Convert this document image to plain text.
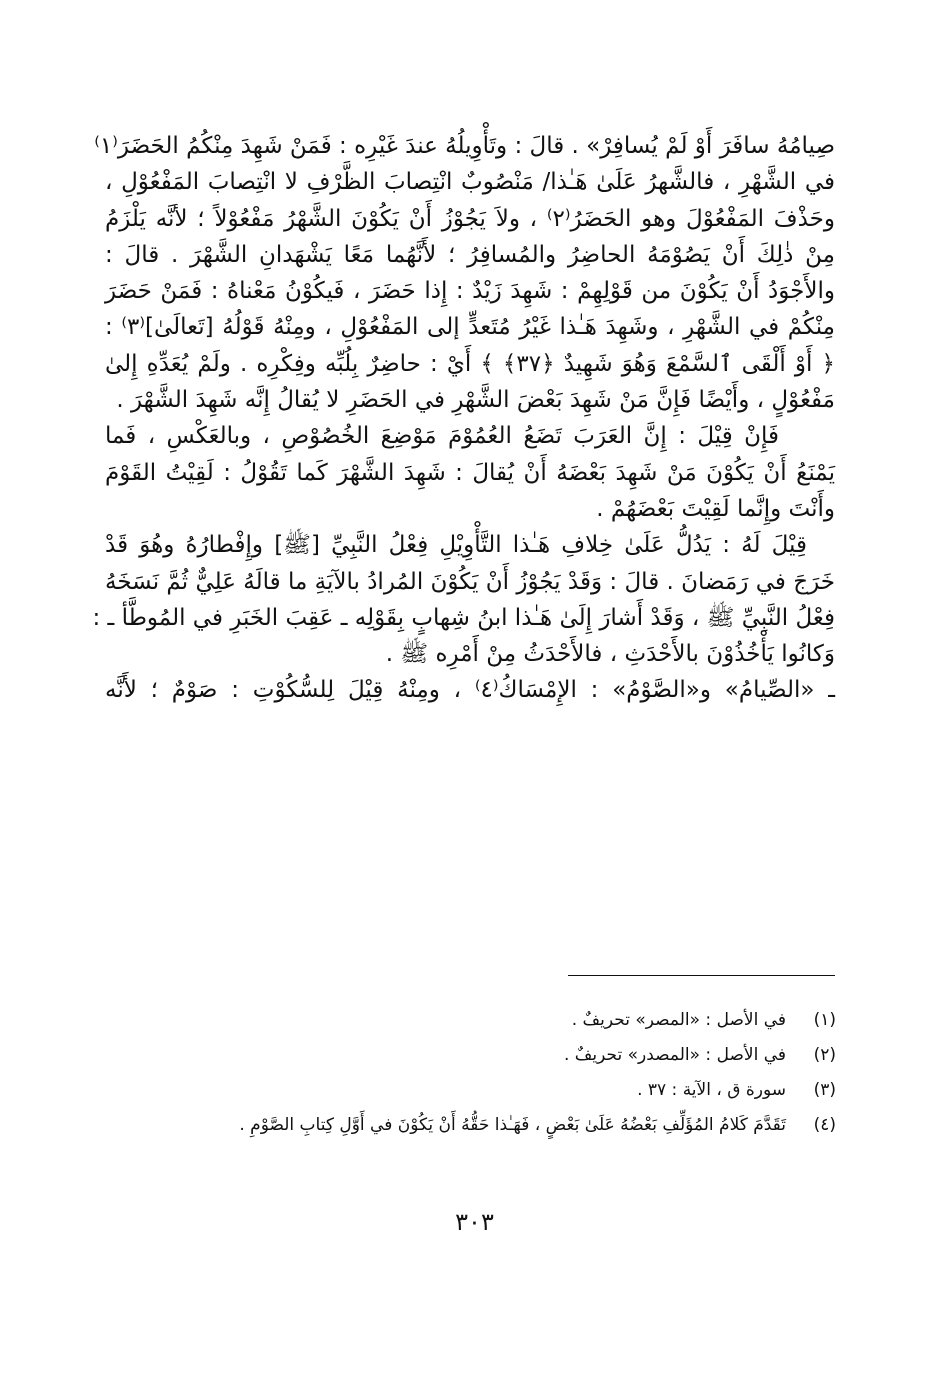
صِيامُهُ سافَرَ أَوْ لَمْ يُسافِرْ» . قالَ : وتَأْوِيلُهُ عندَ غَيْرِه : فَمَنْ شَهِدَ مِنْكُمُ الحَضَرَ⁽١⁾
في الشَّهْرِ ، فالشَّهرُ عَلَىٰ هَـٰذا/ مَنْصُوبٌ انْتِصابَ الظَّرْفِ لا انْتِصابَ المَفْعُوْلِ ،
وحَذْفَ المَفْعُوْلَ وهو الحَضَرُ⁽٢⁾ ، ولاَ يَجُوْزُ أَنْ يَكُوْنَ الشَّهْرُ مَفْعُوْلاً ؛ لأنَّه يَلْزَمُ
مِنْ ذٰلِكَ أَنْ يَصُوْمَهُ الحاضِرُ والمُسافِرُ ؛ لأَنَّهُما مَعًا يَشْهَدانِ الشَّهْرَ . قالَ :
والأَجْوَدُ أَنْ يَكُوْنَ من قَوْلِهِمْ : شَهِدَ زَيْدٌ : إِذا حَضَرَ ، فَيكُوْنُ مَعْناهُ : فَمَنْ حَضَرَ
مِنْكُمْ في الشَّهْرِ ، وشَهِدَ هَـٰذا غَيْرُ مُتَعدٍّ إلى المَفْعُوْلِ ، ومِنْهُ قَوْلُهُ [تَعالَىٰ]⁽٣⁾ :
﴿ أَوْ أَلْقَى ٱلسَّمْعَ وَهُوَ شَهِيدٌ ﴿٣٧﴾ ﴾ أَيْ : حاضِرٌ بِلُبِّه وفِكْرِه . ولَمْ يُعَدِّهِ إِلىٰ
مَفْعُوْلٍ ، وأَيْضًا فَإِنَّ مَنْ شَهِدَ بَعْضَ الشَّهْرِ في الحَضَرِ لا يُقالُ إِنَّه شَهِدَ الشَّهْرَ .

فَإِنْ قِيْلَ : إِنَّ العَرَبَ تَضَعُ العُمُوْمَ مَوْضِعَ الخُصُوْصِ ، وبالعَكْسِ ، فَما
يَمْنَعُ أَنْ يَكُوْنَ مَنْ شَهِدَ بَعْضَهُ أَنْ يُقالَ : شَهِدَ الشَّهْرَ كَما تَقُوْلُ : لَقِيْتُ القَوْمَ
وأَنْتَ وإِنَّما لَقِيْتَ بَعْضَهُمْ .

قِيْلَ لَهُ : يَدُلُّ عَلَىٰ خِلافِ هَـٰذا التَّأْوِيْلِ فِعْلُ النَّبِيِّ [ﷺ] وإِفْطارُهُ وهُوَ قَدْ
خَرَجَ في رَمَضانَ . قالَ : وَقَدْ يَجُوْزُ أَنْ يَكُوْنَ المُرادُ بالآيَةِ ما قالَهُ عَلِيٌّ ثُمَّ نَسَخَهُ
فِعْلُ النَّبِيِّ ﷺ ، وَقَدْ أَشارَ إِلَىٰ هَـٰذا ابنُ شِهابٍ بِقَوْلِه ـ عَقِبَ الخَبَرِ في المُوطَّأ ـ :
وَكانُوا يَأْخُذُوْنَ بالأَحْدَثِ ، فالأَحْدَثُ مِنْ أَمْرِه ﷺ .

ـ «الصِّيامُ» و«الصَّوْمُ» : الإِمْسَاكُ⁽٤⁾ ، ومِنْهُ قِيْلَ لِلسُّكُوْتِ : صَوْمٌ ؛ لأَنَّه

(١)
في الأصل : «المصر» تحريفٌ .
(٢)
في الأصل : «المصدر» تحريفٌ .
(٣)
سورة ق ، الآية : ٣٧ .
(٤)
تَقَدَّمَ كَلامُ المُؤَلِّفِ بَعْضُهُ عَلَىٰ بَعْضٍ ، فَهَـٰذا حَقُّهُ أَنْ يَكُوْنَ في أَوَّلِ كِتابِ الصَّوْمِ .
٣٠٣
